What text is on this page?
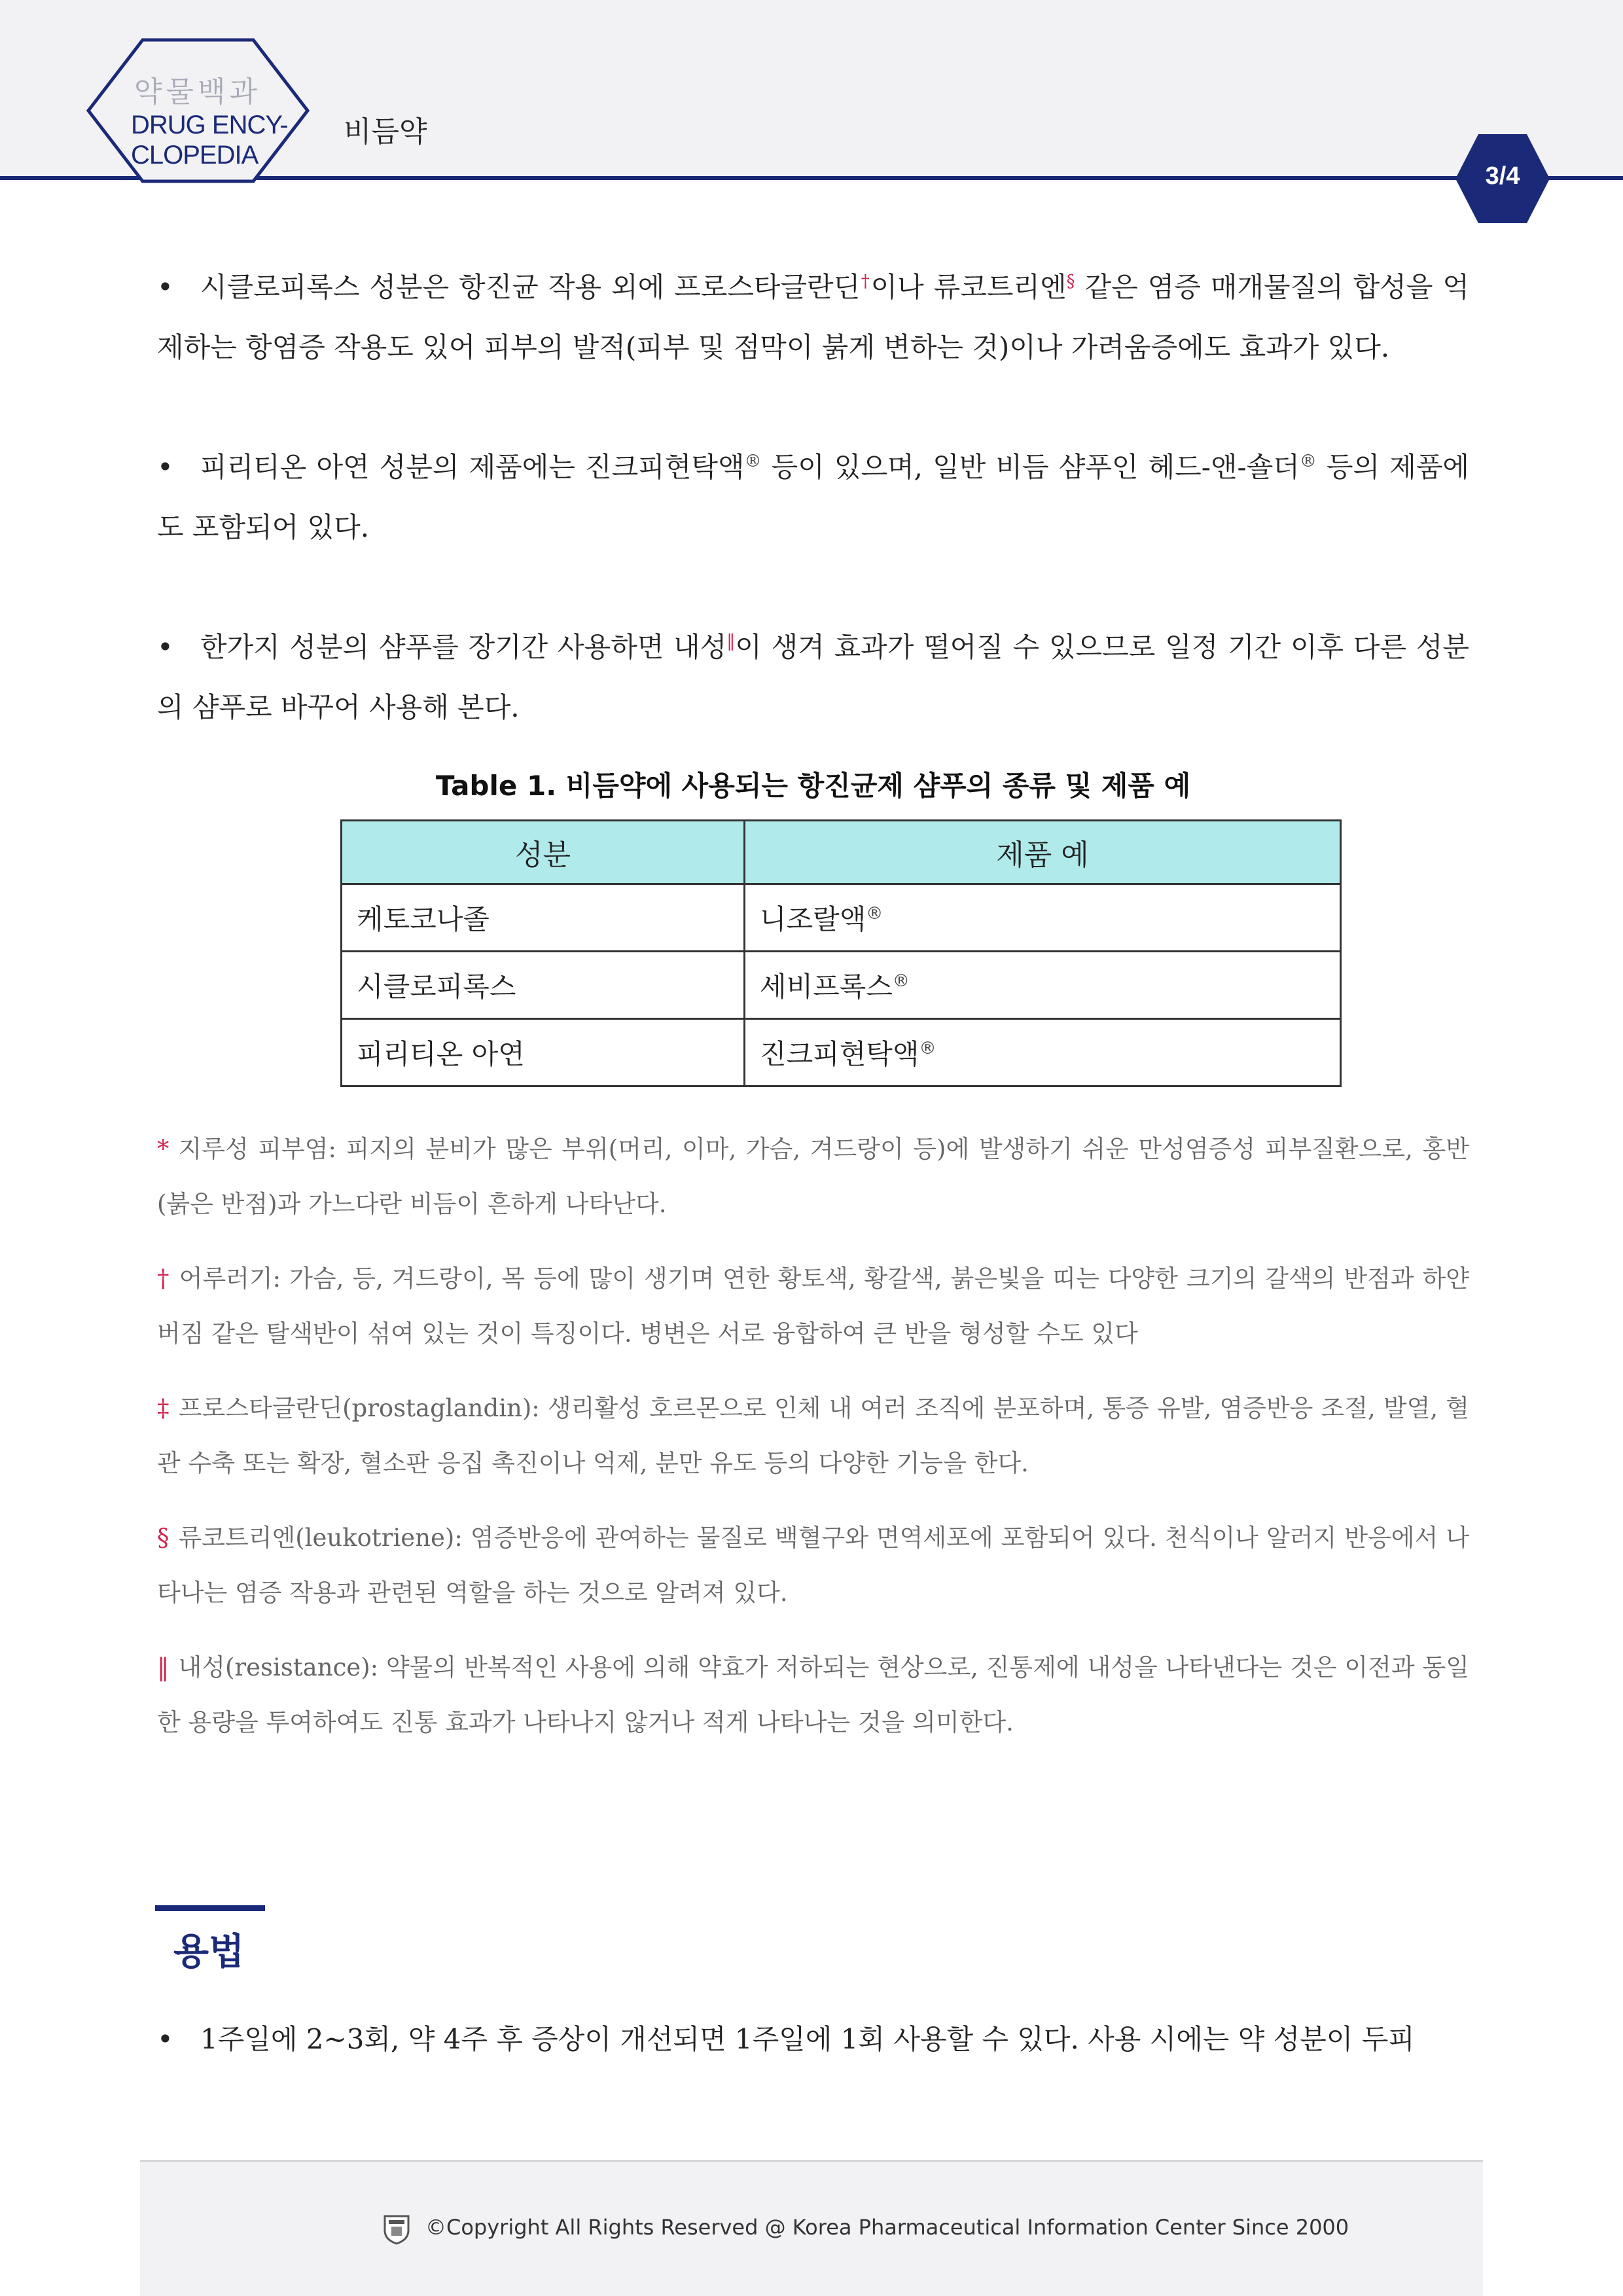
약물백과
DRUG ENCY-
CLOPEDIA
비듬약
3/4
• 시클로피록스 성분은 항진균 작용 외에 프로스타글란딘†이나 류코트리엔§ 같은 염증 매개물질의 합성을 억제하는 항염증 작용도 있어 피부의 발적(피부 및 점막이 붉게 변하는 것)이나 가려움증에도 효과가 있다.
• 피리티온 아연 성분의 제품에는 진크피현탁액® 등이 있으며, 일반 비듬 샴푸인 헤드-앤-숄더® 등의 제품에도 포함되어 있다.
• 한가지 성분의 샴푸를 장기간 사용하면 내성‖이 생겨 효과가 떨어질 수 있으므로 일정 기간 이후 다른 성분의 샴푸로 바꾸어 사용해 본다.
Table 1. 비듬약에 사용되는 항진균제 샴푸의 종류 및 제품 예
성분	제품 예
케토코나졸	니조랄액®
시클로피록스	세비프록스®
피리티온 아연	진크피현탁액®
* 지루성 피부염: 피지의 분비가 많은 부위(머리, 이마, 가슴, 겨드랑이 등)에 발생하기 쉬운 만성염증성 피부질환으로, 홍반(붉은 반점)과 가느다란 비듬이 흔하게 나타난다.
† 어루러기: 가슴, 등, 겨드랑이, 목 등에 많이 생기며 연한 황토색, 황갈색, 붉은빛을 띠는 다양한 크기의 갈색의 반점과 하얀 버짐 같은 탈색반이 섞여 있는 것이 특징이다. 병변은 서로 융합하여 큰 반을 형성할 수도 있다
‡ 프로스타글란딘(prostaglandin): 생리활성 호르몬으로 인체 내 여러 조직에 분포하며, 통증 유발, 염증반응 조절, 발열, 혈관 수축 또는 확장, 혈소판 응집 촉진이나 억제, 분만 유도 등의 다양한 기능을 한다.
§ 류코트리엔(leukotriene): 염증반응에 관여하는 물질로 백혈구와 면역세포에 포함되어 있다. 천식이나 알러지 반응에서 나타나는 염증 작용과 관련된 역할을 하는 것으로 알려져 있다.
‖ 내성(resistance): 약물의 반복적인 사용에 의해 약효가 저하되는 현상으로, 진통제에 내성을 나타낸다는 것은 이전과 동일한 용량을 투여하여도 진통 효과가 나타나지 않거나 적게 나타나는 것을 의미한다.
용법
• 1주일에 2~3회, 약 4주 후 증상이 개선되면 1주일에 1회 사용할 수 있다. 사용 시에는 약 성분이 두피
©Copyright All Rights Reserved @ Korea Pharmaceutical Information Center Since 2000
